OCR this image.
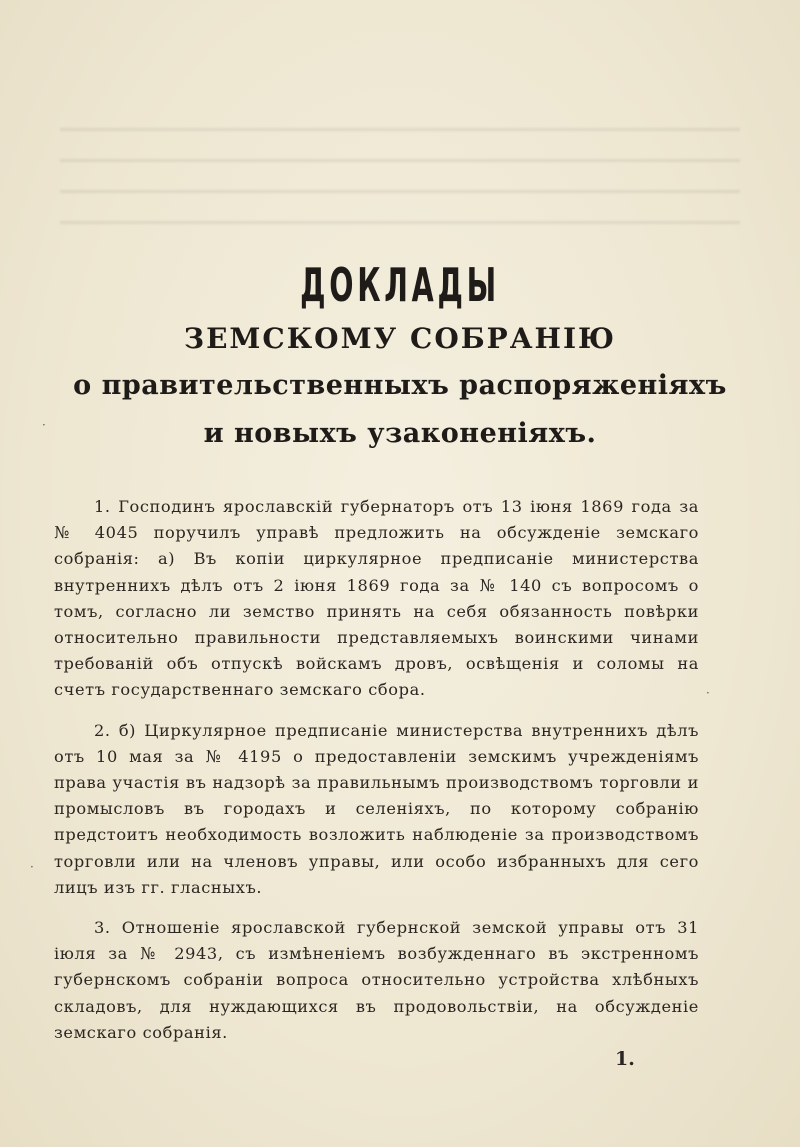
ДОКЛАДЫ
ЗЕМСКОМУ СОБРАНІЮ
о правительственныхъ распоряженіяхъ
и новыхъ узаконеніяхъ.

1. Господинъ ярославскій губернаторъ отъ 13 іюня 1869 года за № 4045 поручилъ управѣ предложить на обсужденіе земскаго собранія: а) Въ копіи циркулярное предписаніе министерства внутреннихъ дѣлъ отъ 2 іюня 1869 года за № 140 съ вопросомъ о томъ, согласно ли земство принять на себя обязанность повѣрки относительно правильности представляемыхъ воинскими чинами требованій объ отпускѣ войскамъ дровъ, освѣщенія и соломы на счетъ государственнаго земскаго сбора.

2. б) Циркулярное предписаніе министерства внутреннихъ дѣлъ отъ 10 мая за № 4195 о предоставленіи земскимъ учрежденіямъ права участія въ надзорѣ за правильнымъ производствомъ торговли и промысловъ въ городахъ и селеніяхъ, по которому собранію предстоитъ необходимость возложить наблюденіе за производствомъ торговли или на членовъ управы, или особо избранныхъ для сего лицъ изъ гг. гласныхъ.

3. Отношеніе ярославской губернской земской управы отъ 31 іюля за № 2943, съ измѣненіемъ возбужденнаго въ экстренномъ губернскомъ собраніи вопроса относительно устройства хлѣбныхъ складовъ, для нуждающихся въ продовольствіи, на обсужденіе земскаго собранія.

1.
·
·
·
